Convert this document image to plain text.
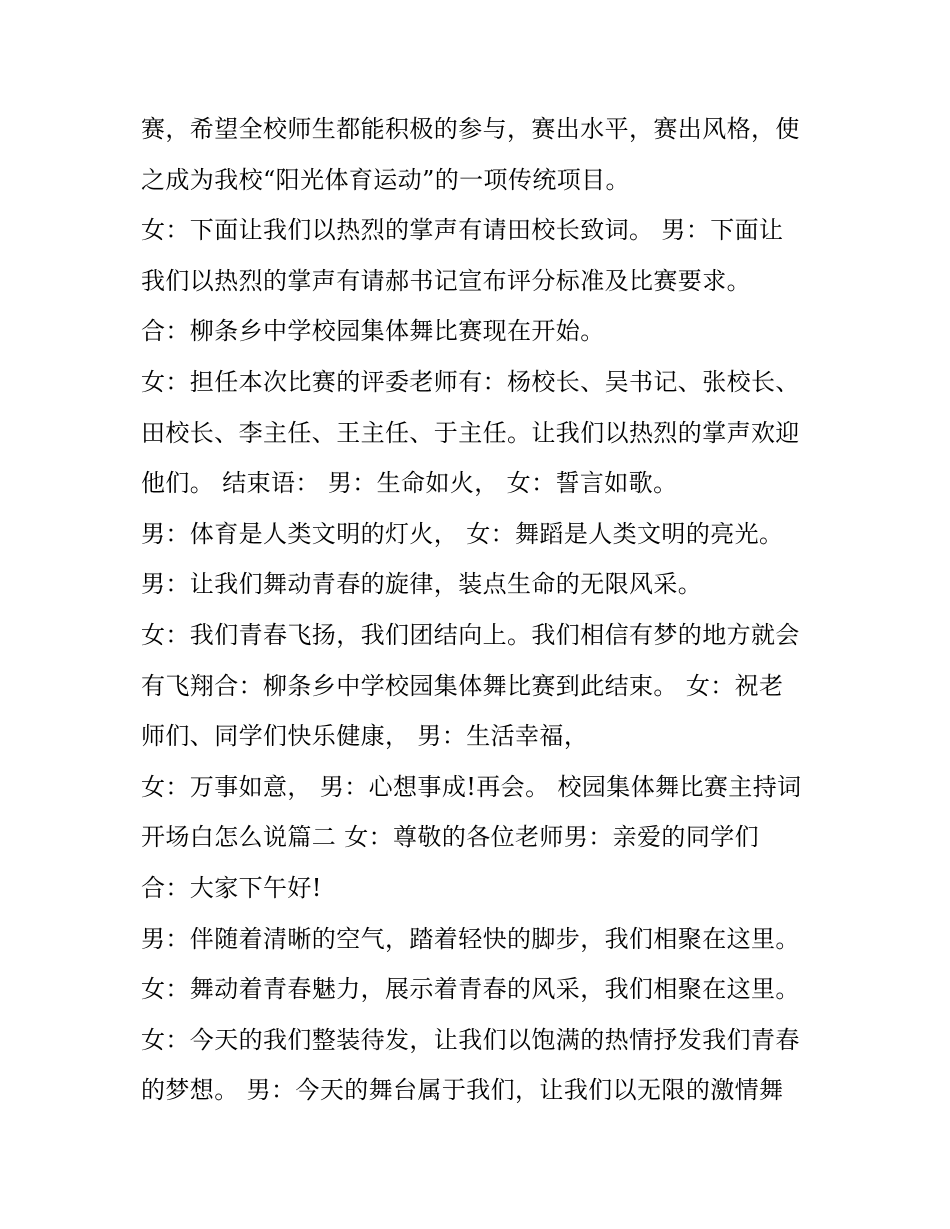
赛，希望全校师生都能积极的参与，赛出水平，赛出风格，使
之成为我校“阳光体育运动”的一项传统项目。
女：下面让我们以热烈的掌声有请田校长致词。 男：下面让
我们以热烈的掌声有请郝书记宣布评分标准及比赛要求。
合：柳条乡中学校园集体舞比赛现在开始。
女：担任本次比赛的评委老师有：杨校长、吴书记、张校长、
田校长、李主任、王主任、于主任。让我们以热烈的掌声欢迎
他们。 结束语： 男：生命如火， 女：誓言如歌。
男：体育是人类文明的灯火， 女：舞蹈是人类文明的亮光。
男：让我们舞动青春的旋律，装点生命的无限风采。
女：我们青春飞扬，我们团结向上。我们相信有梦的地方就会
有飞翔合：柳条乡中学校园集体舞比赛到此结束。 女：祝老
师们、同学们快乐健康， 男：生活幸福，
女：万事如意， 男：心想事成!再会。 校园集体舞比赛主持词
开场白怎么说篇二 女：尊敬的各位老师男：亲爱的同学们
合：大家下午好!
男：伴随着清晰的空气，踏着轻快的脚步，我们相聚在这里。
女：舞动着青春魅力，展示着青春的风采，我们相聚在这里。
女：今天的我们整装待发，让我们以饱满的热情抒发我们青春
的梦想。 男：今天的舞台属于我们，让我们以无限的激情舞
